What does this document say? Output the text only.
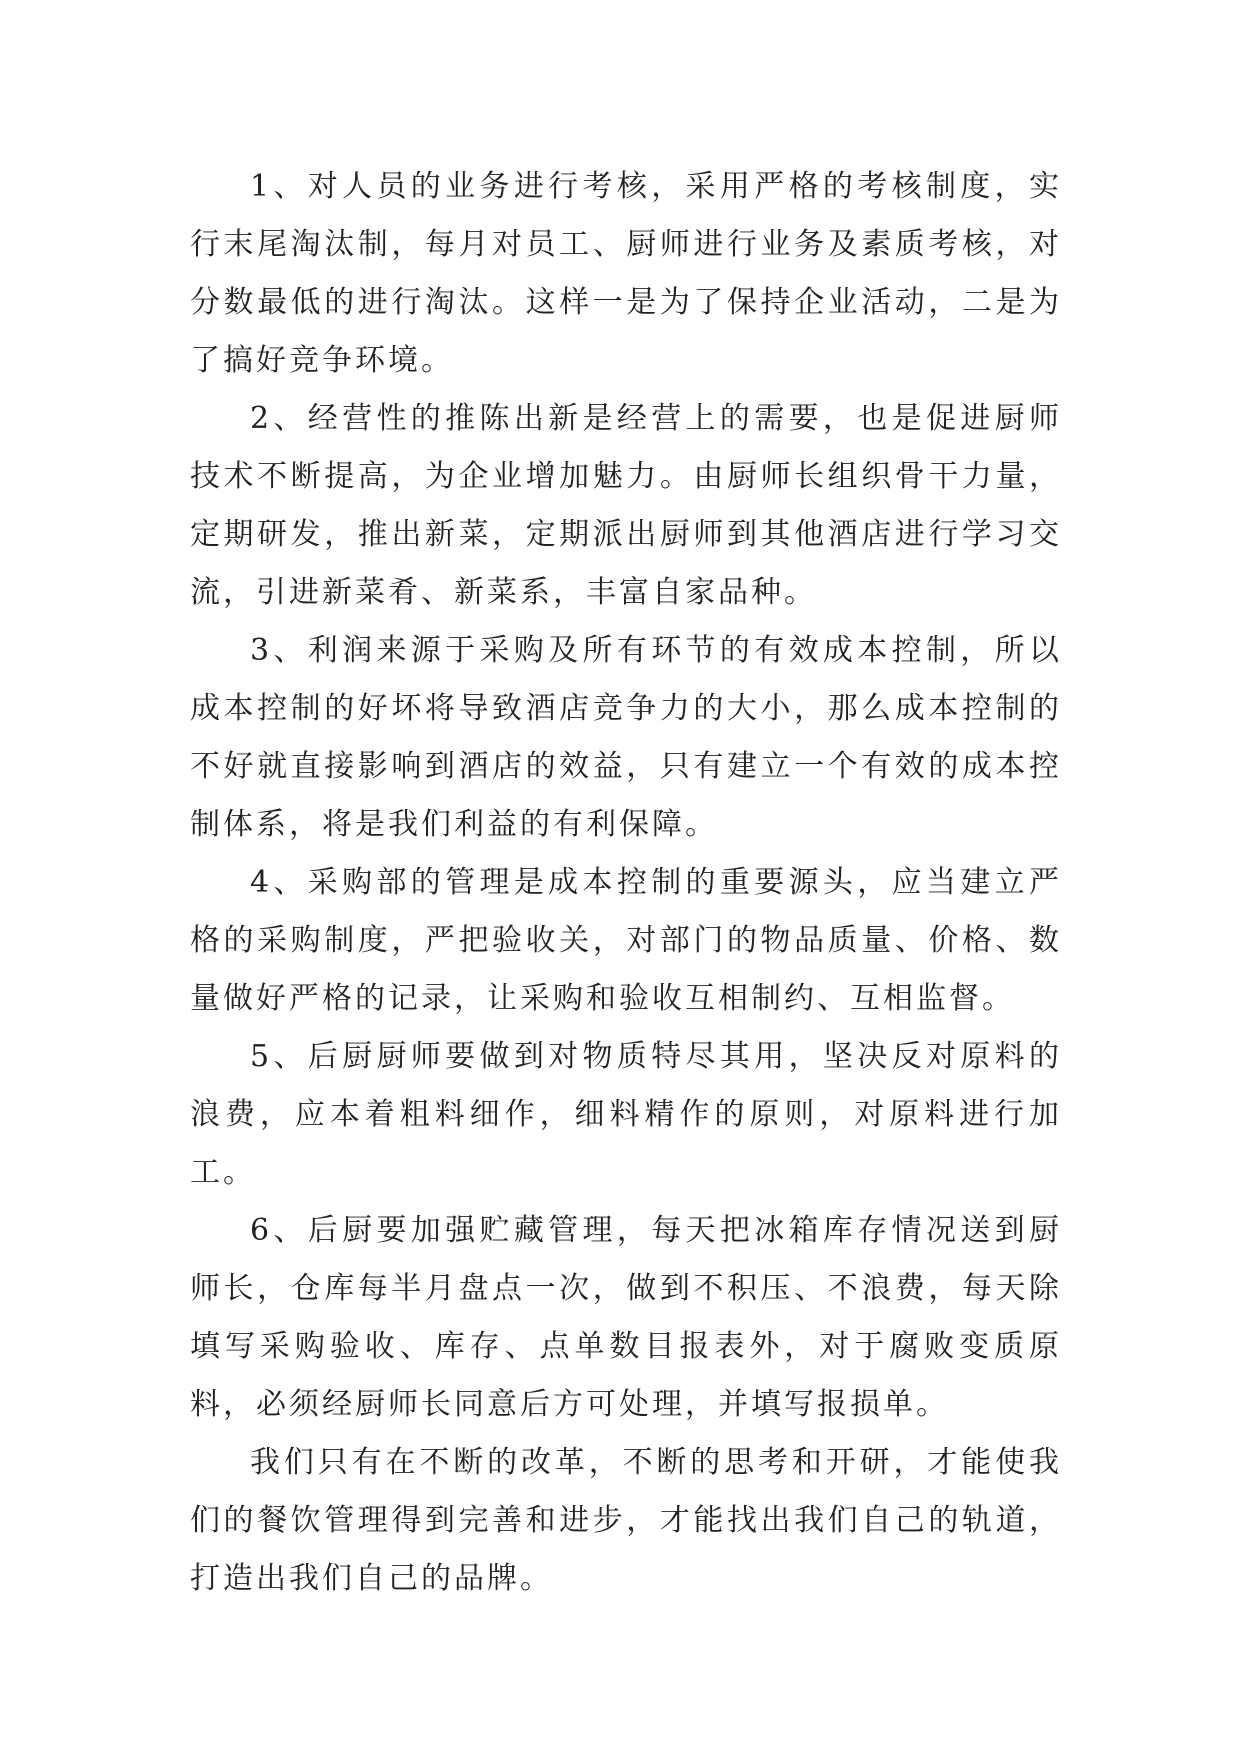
1、对人员的业务进行考核，采用严格的考核制度，实行末尾淘汰制，每月对员工、厨师进行业务及素质考核，对分数最低的进行淘汰。这样一是为了保持企业活动，二是为了搞好竞争环境。

2、经营性的推陈出新是经营上的需要，也是促进厨师技术不断提高，为企业增加魅力。由厨师长组织骨干力量，定期研发，推出新菜，定期派出厨师到其他酒店进行学习交流，引进新菜肴、新菜系，丰富自家品种。

3、利润来源于采购及所有环节的有效成本控制，所以成本控制的好坏将导致酒店竞争力的大小，那么成本控制的不好就直接影响到酒店的效益，只有建立一个有效的成本控制体系，将是我们利益的有利保障。

4、采购部的管理是成本控制的重要源头，应当建立严格的采购制度，严把验收关，对部门的物品质量、价格、数量做好严格的记录，让采购和验收互相制约、互相监督。

5、后厨厨师要做到对物质特尽其用，坚决反对原料的浪费，应本着粗料细作，细料精作的原则，对原料进行加工。

6、后厨要加强贮藏管理，每天把冰箱库存情况送到厨师长，仓库每半月盘点一次，做到不积压、不浪费，每天除填写采购验收、库存、点单数目报表外，对于腐败变质原料，必须经厨师长同意后方可处理，并填写报损单。

我们只有在不断的改革，不断的思考和开研，才能使我们的餐饮管理得到完善和进步，才能找出我们自己的轨道，打造出我们自己的品牌。
